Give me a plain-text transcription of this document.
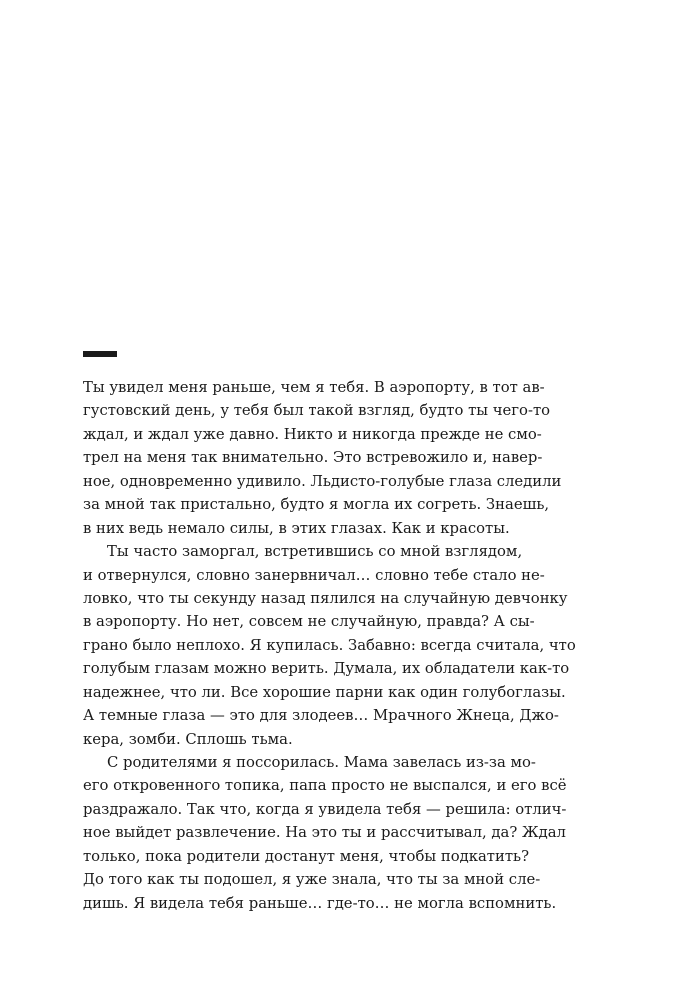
Ты увидел меня раньше, чем я тебя. В аэропорту, в тот ав-
густовский день, у тебя был такой взгляд, будто ты чего-то
ждал, и ждал уже давно. Никто и никогда прежде не смо-
трел на меня так внимательно. Это встревожило и, навер-
ное, одновременно удивило. Льдисто-голубые глаза следили
за мной так пристально, будто я могла их согреть. Знаешь,
в них ведь немало силы, в этих глазах. Как и красоты.
Ты часто заморгал, встретившись со мной взглядом,
и отвернулся, словно занервничал… словно тебе стало не-
ловко, что ты секунду назад пялился на случайную девчонку
в аэропорту. Но нет, совсем не случайную, правда? А сы-
грано было неплохо. Я купилась. Забавно: всегда считала, что
голубым глазам можно верить. Думала, их обладатели как-то
надежнее, что ли. Все хорошие парни как один голубоглазы.
А темные глаза — это для злодеев… Мрачного Жнеца, Джо-
кера, зомби. Сплошь тьма.
С родителями я поссорилась. Мама завелась из-за мо-
его откровенного топика, папа просто не выспался, и его всё
раздражало. Так что, когда я увидела тебя — решила: отлич-
ное выйдет развлечение. На это ты и рассчитывал, да? Ждал
только, пока родители достанут меня, чтобы подкатить?
До того как ты подошел, я уже знала, что ты за мной сле-
дишь. Я видела тебя раньше… где-то… не могла вспомнить.
